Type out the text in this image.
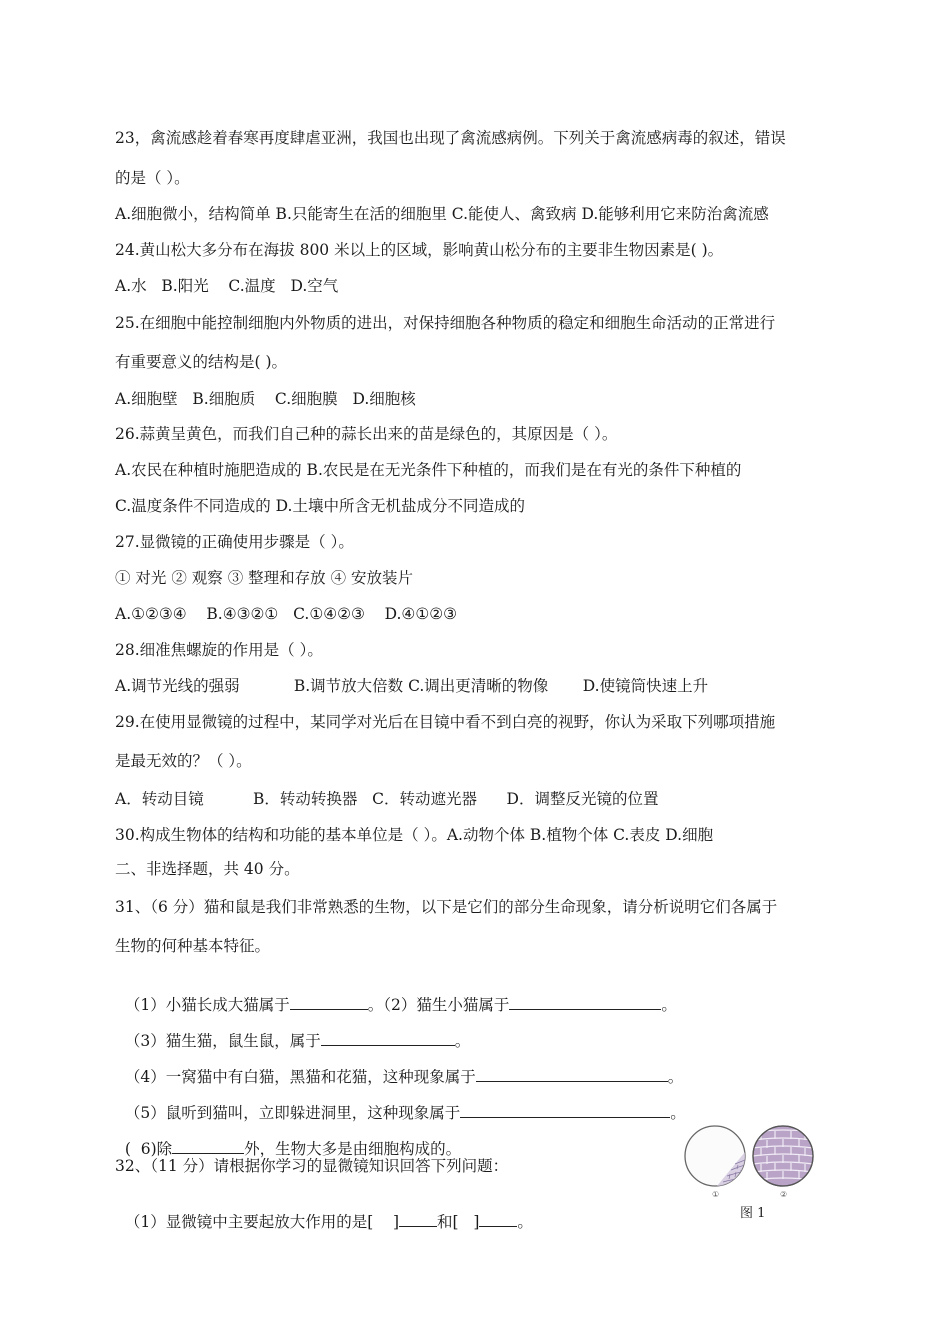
23，禽流感趁着春寒再度肆虐亚洲，我国也出现了禽流感病例。下列关于禽流感病毒的叙述，错误
的是（ ）。
A.细胞微小，结构简单 B.只能寄生在活的细胞里 C.能使人、禽致病 D.能够利用它来防治禽流感
24.黄山松大多分布在海拔 800 米以上的区域，影响黄山松分布的主要非生物因素是( )。
A.水   B.阳光    C.温度   D.空气
25.在细胞中能控制细胞内外物质的进出，对保持细胞各种物质的稳定和细胞生命活动的正常进行
有重要意义的结构是( )。
A.细胞壁   B.细胞质    C.细胞膜   D.细胞核
26.蒜黄呈黄色，而我们自己种的蒜长出来的苗是绿色的，其原因是（ ）。
A.农民在种植时施肥造成的 B.农民是在无光条件下种植的，而我们是在有光的条件下种植的
C.温度条件不同造成的 D.土壤中所含无机盐成分不同造成的
27.显微镜的正确使用步骤是（ ）。
① 对光 ② 观察 ③ 整理和存放 ④ 安放装片
A.①②③④    B.④③②①   C.①④②③    D.④①②③
28.细准焦螺旋的作用是（ ）。
A.调节光线的强弱           B.调节放大倍数 C.调出更清晰的物像       D.使镜筒快速上升
29.在使用显微镜的过程中，某同学对光后在目镜中看不到白亮的视野，你认为采取下列哪项措施
是最无效的？（ ）。
A．转动目镜          B．转动转换器   C．转动遮光器      D．调整反光镜的位置
30.构成生物体的结构和功能的基本单位是（ ）。A.动物个体 B.植物个体 C.表皮 D.细胞
二、非选择题，共 40 分。
31、（6 分）猫和鼠是我们非常熟悉的生物，以下是它们的部分生命现象，请分析说明它们各属于
生物的何种基本特征。

（1）小猫长成大猫属于	。（2）猫生小猫属于	。

（3）猫生猫，鼠生鼠，属于	。

（4）一窝猫中有白猫，黑猫和花猫，这种现象属于	。

（5）鼠听到猫叫，立即躲进洞里，这种现象属于	。

(  6)除	外，生物大多是由细胞构成的。

32、（11 分）请根据你学习的显微镜知识回答下列问题：

（1）显微镜中主要起放大作用的是[    ] 和[   ] 。

①	②
图 1
